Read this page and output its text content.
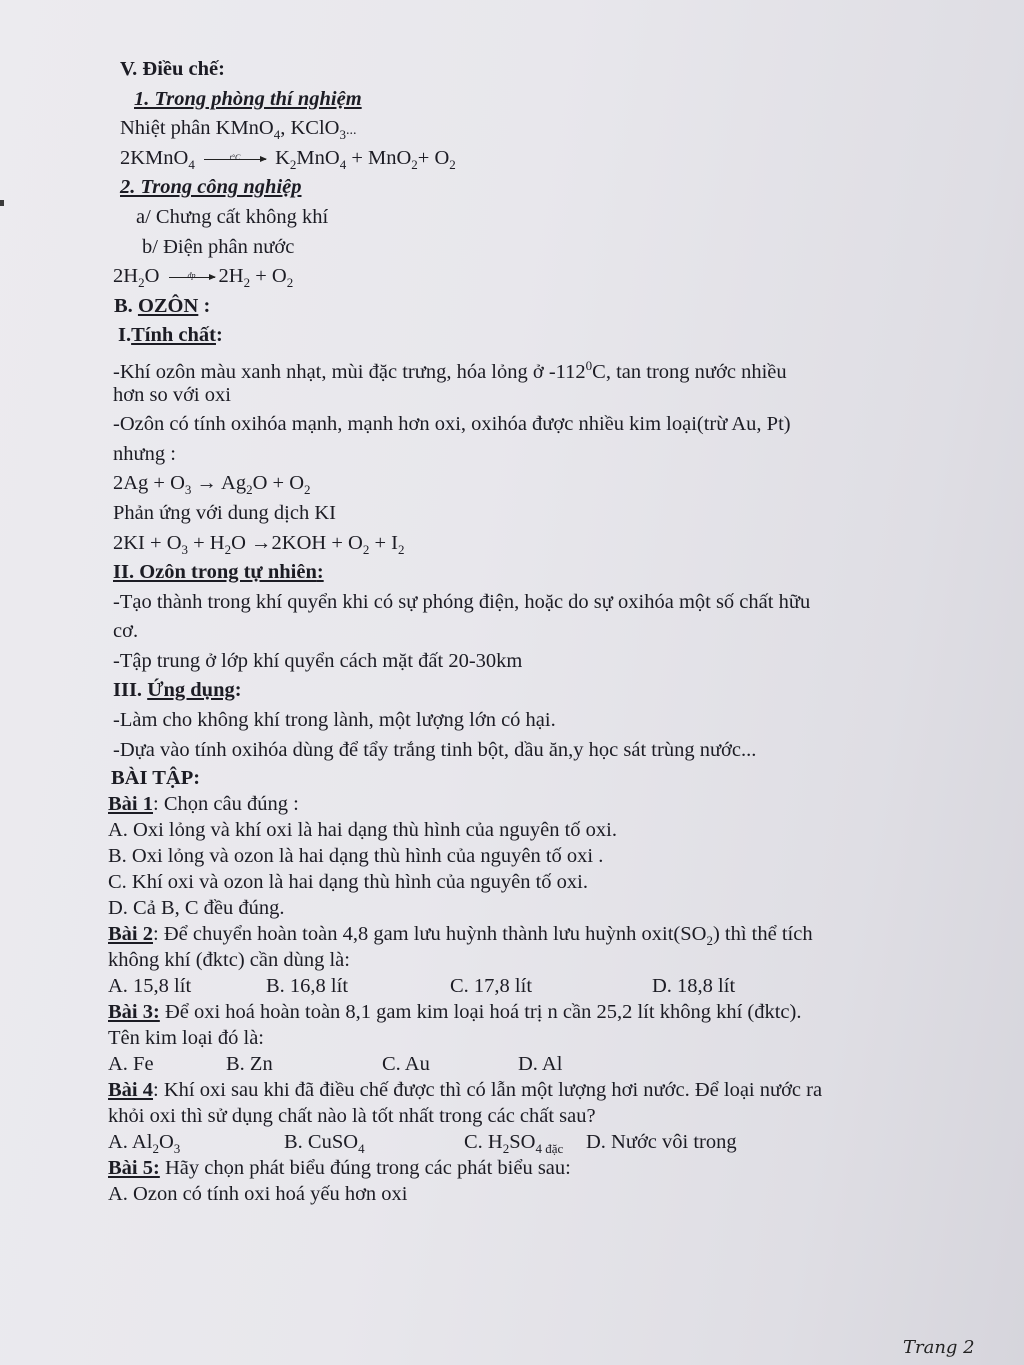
V. Điều chế:
1. Trong phòng thí nghiệm
Nhiệt phân KMnO$_4$, KClO$_3$...
2KMnO$_4$	t°C	$K_2MnO_4 + MnO_2+ O_2$
2. Trong công nghiệp
a/ Chưng cất không khí
b/ Điện phân nước
$2H_2O$	đp	$2H_2 + O_2$
B. OZÔN :
I.Tính chất:
-Khí ozôn màu xanh nhạt, mùi đặc trưng, hóa lỏng ở $-112^0C$, tan trong nước nhiều
hơn so với oxi
-Ozôn có tính oxihóa mạnh, mạnh hơn oxi, oxihóa được nhiều kim loại(trừ Au, Pt)
nhưng :
$2Ag + O_3 \to Ag_2O + O_2$
Phản ứng với dung dịch KI
$2KI + O_3 + H_2O \to 2KOH + O_2 + I_2$
II. Ozôn trong tự nhiên:
-Tạo thành trong khí quyển khi có sự phóng điện, hoặc do sự oxihóa một số chất hữu
cơ.
-Tập trung ở lớp khí quyển cách mặt đất 20-30km
III. Ứng dụng:
-Làm cho không khí trong lành, một lượng lớn có hại.
-Dựa vào tính oxihóa dùng để tẩy trắng tinh bột, dầu ăn,y học sát trùng nước...
BÀI TẬP:
Bài 1: Chọn câu đúng :
A. Oxi lỏng và khí oxi là hai dạng thù hình của nguyên tố oxi.
B. Oxi lỏng và ozon là hai dạng thù hình của nguyên tố oxi .
C. Khí oxi và ozon là hai dạng thù hình của nguyên tố oxi.
D. Cả B, C đều đúng.
Bài 2: Để chuyển hoàn toàn 4,8 gam lưu huỳnh thành lưu huỳnh $oxit(SO_2)$ thì thể tích
không khí (đktc) cần dùng là:
A. 15,8 lít	B. 16,8 lít	C. 17,8 lít	D. 18,8 lít
Bài 3: Để oxi hoá hoàn toàn 8,1 gam kim loại hoá trị n cần 25,2 lít không khí (đktc).
Tên kim loại đó là:
A. Fe	B. Zn	C. Au	D. Al
Bài 4: Khí oxi sau khi đã điều chế được thì có lẫn một lượng hơi nước. Để loại nước ra
khỏi oxi thì sử dụng chất nào là tốt nhất trong các chất sau?
A. $Al_2O_3$	B. CuSO$_4$	C. $H_2SO_{4 đặc}$	D. Nước vôi trong
Bài 5: Hãy chọn phát biểu đúng trong các phát biểu sau:
A. Ozon có tính oxi hoá yếu hơn oxi
Trang 2
